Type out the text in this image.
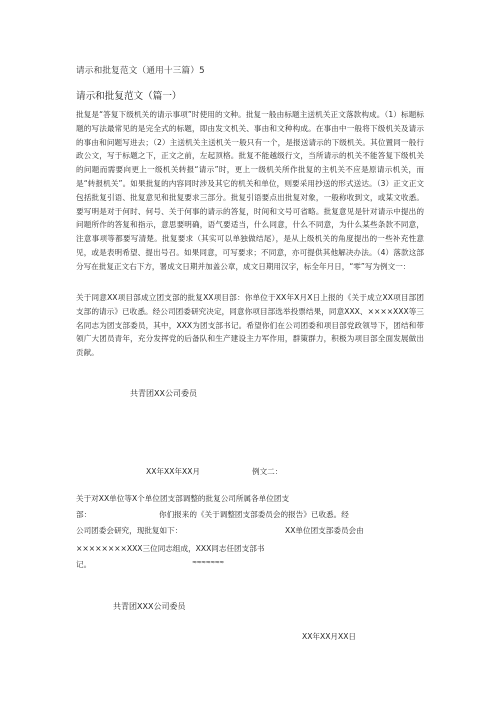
请示和批复范文（通用十三篇）5
请示和批复范文（篇一）

批复是“答复下级机关的请示事项”时使用的文种。批复一般由标题主送机关正文落款构成。（1）标题标题的写法最常见的是完全式的标题，即由发文机关、事由和文种构成。在事由中一般将下级机关及请示的事由和问题写进去；（2）主送机关主送机关一般只有一个，是报送请示的下级机关。其位置同一般行政公文，写于标题之下，正文之前，左起顶格。批复不能越级行文，当所请示的机关不能答复下级机关的问题而需要向更上一级机关转报“请示”时，更上一级机关所作批复的主机关不应是原请示机关，而是“转报机关”。如果批复的内容同时涉及其它的机关和单位，则要采用抄送的形式送达。（3）正文正文包括批复引语、批复意见和批复要求三部分。批复引语要点出批复对象，一般称收到文，或某文收悉。要写明是对于何时、何号、关于何事的请示的答复，时间和文号可省略。批复意见是针对请示中提出的问题所作的答复和指示，意思要明确，语气要适当，什么同意，什么不同意，为什么某些条款不同意，注意事项等都要写清楚。批复要求（其实可以单独做结尾），是从上级机关的角度提出的一些补充性意见，或是表明希望、提出号召。如果同意，可写要求；不同意，亦可提供其他解决办法。（4）落款这部分写在批复正文右下方，署成文日期并加盖公章，成文日期用汉字，标全年月日，“零”写为例文一：

关于同意XX项目部成立团支部的批复XX项目部：你单位于XX年X月X日上报的《关于成立XX项目部团支部的请示》已收悉。经公司团委研究决定，同意你项目部选举投票结果，同意XXX、××××XXX等三名同志为团支部委员，其中，XXX为团支部书记。希望你们在公司团委和项目部党政领导下，团结和带领广大团员青年，充分发挥党的后备队和生产建设主力军作用，群策群力，积极为项目部全面发展做出贡献。

共青团XX公司委员
XX年XX年XX月	例文二：
关于对XX单位等X个单位团支部调整的批复公司所属各单位团支
部：	你们报来的《关于调整团支部委员会的报告》已收悉。经
公司团委会研究，现批复如下：	XX单位团支部委员会由
××××××××XXX三位同志组成，XXX同志任团支部书
记。	≈≈≈≈≈≈≈
共青团XXX公司委员
XX年XX月XX日
